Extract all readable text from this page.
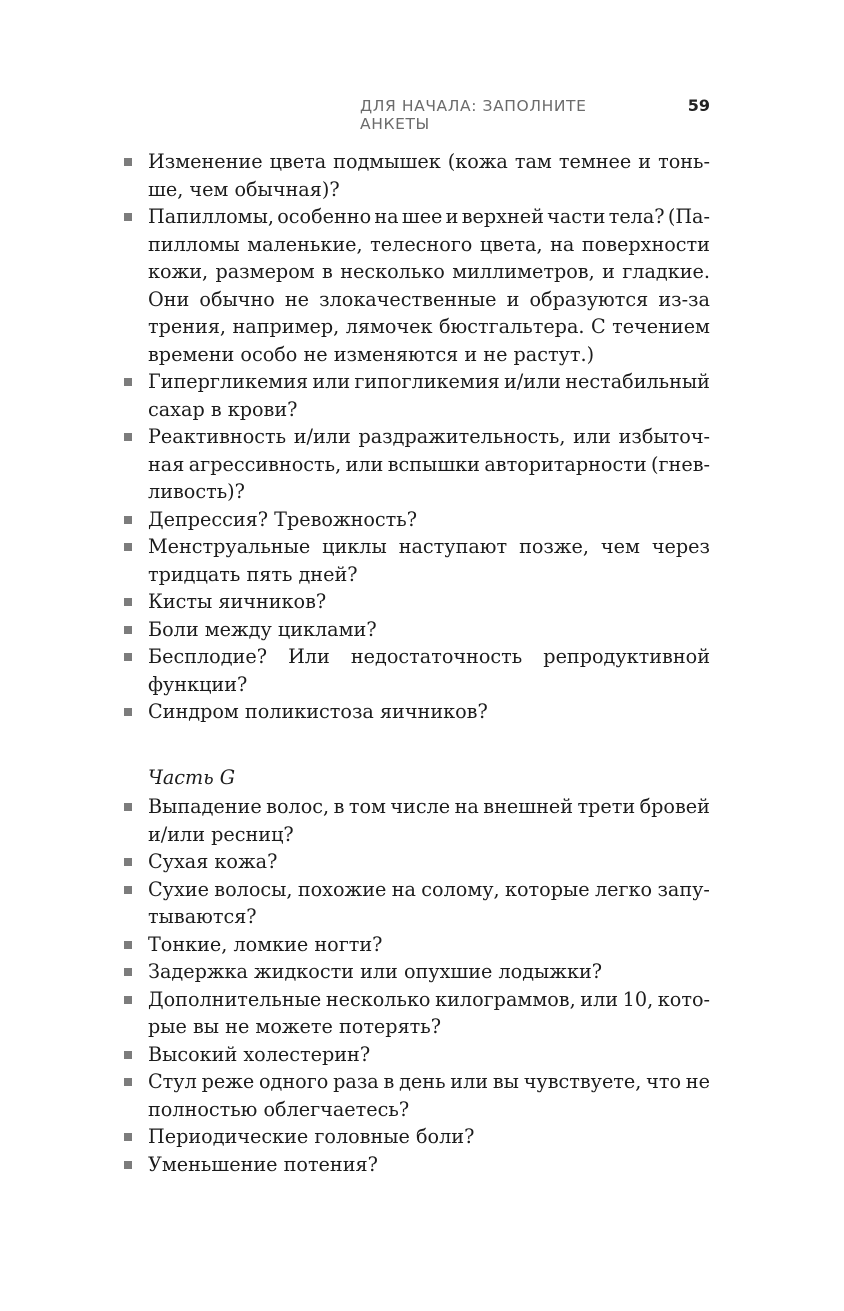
ДЛЯ НАЧАЛА: ЗАПОЛНИТЕ АНКЕТЫ
59
Изменение цвета подмышек (кожа там темнее и тонь-
ше, чем обычная)?
Папилломы, особенно на шее и верхней части тела? (Па-
пилломы маленькие, телесного цвета, на поверхности
кожи, размером в несколько миллиметров, и гладкие.
Они обычно не злокачественные и образуются из-за
трения, например, лямочек бюстгальтера. С течением
времени особо не изменяются и не растут.)
Гипергликемия или гипогликемия и/или нестабильный
сахар в крови?
Реактивность и/или раздражительность, или избыточ-
ная агрессивность, или вспышки авторитарности (гнев-
ливость)?
Депрессия? Тревожность?
Менструальные циклы наступают позже, чем через
тридцать пять дней?
Кисты яичников?
Боли между циклами?
Бесплодие? Или недостаточность репродуктивной
функции?
Синдром поликистоза яичников?
Часть G
Выпадение волос, в том числе на внешней трети бровей
и/или ресниц?
Сухая кожа?
Сухие волосы, похожие на солому, которые легко запу-
тываются?
Тонкие, ломкие ногти?
Задержка жидкости или опухшие лодыжки?
Дополнительные несколько килограммов, или 10, кото-
рые вы не можете потерять?
Высокий холестерин?
Стул реже одного раза в день или вы чувствуете, что не
полностью облегчаетесь?
Периодические головные боли?
Уменьшение потения?
